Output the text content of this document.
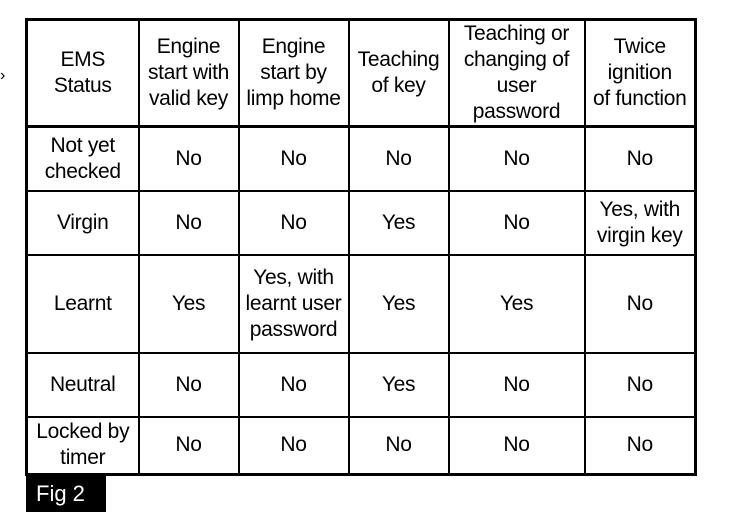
›
EMS
Status	Engine
start with
valid key	Engine
start by
limp home	Teaching
of key	Teaching or
changing of
user password	Twice
ignition
of function

Not yet
checked	No	No	No	No	No

Virgin	No	No	Yes	No	Yes, with
virgin key

Learnt	Yes	Yes, with
learnt user
password	Yes	Yes	No

Neutral	No	No	Yes	No	No

Locked by
timer	No	No	No	No	No
Fig 2
